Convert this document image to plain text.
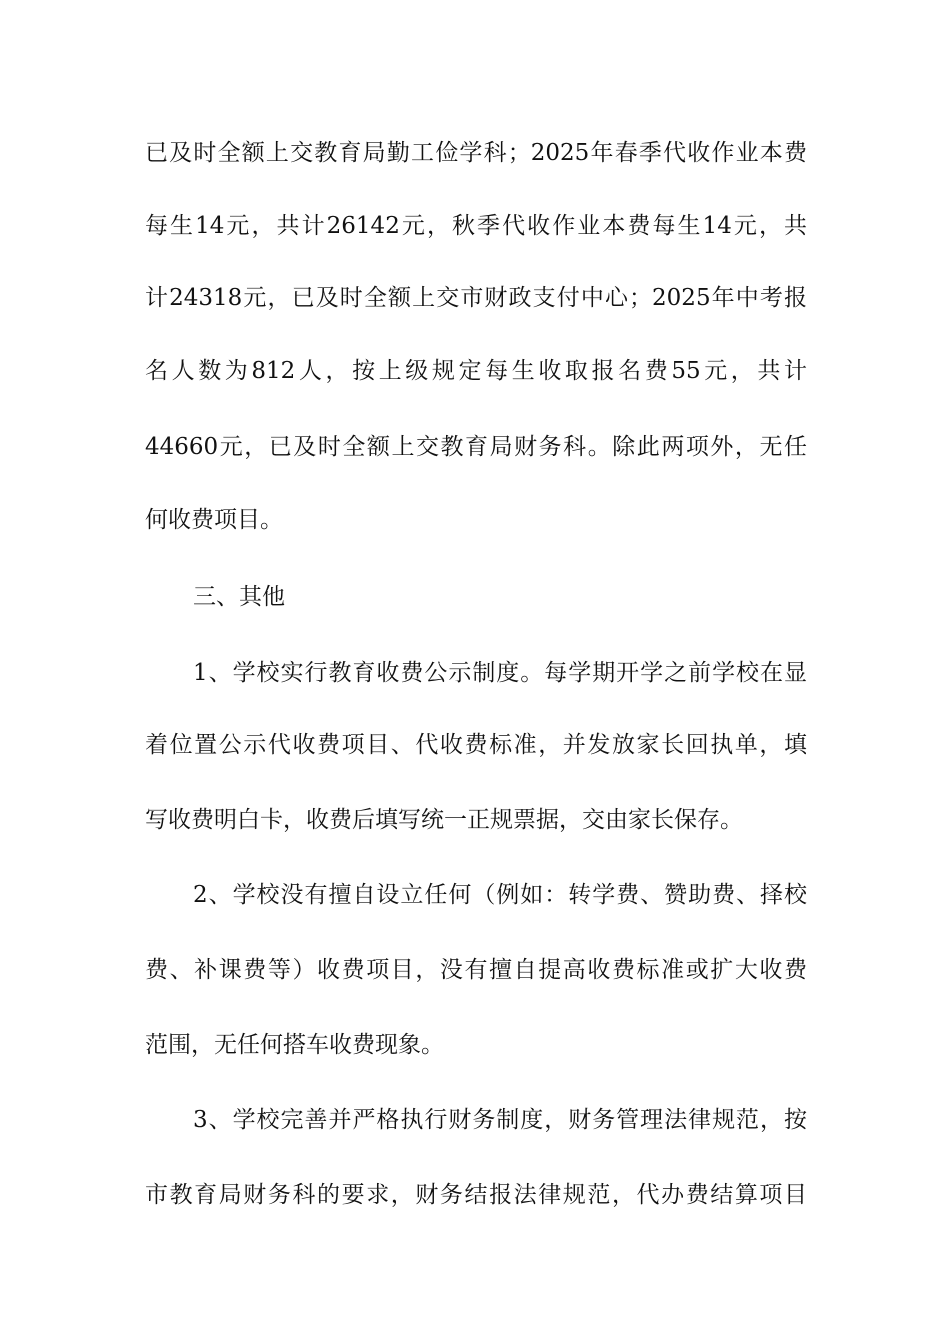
已及时全额上交教育局勤工俭学科；2025年春季代收作业本费
每生14元，共计26142元，秋季代收作业本费每生14元，共
计24318元，已及时全额上交市财政支付中心；2025年中考报
名人数为812人，按上级规定每生收取报名费55元，共计
44660元，已及时全额上交教育局财务科。除此两项外，无任
何收费项目。
三、其他
1、学校实行教育收费公示制度。每学期开学之前学校在显
着位置公示代收费项目、代收费标准，并发放家长回执单，填
写收费明白卡，收费后填写统一正规票据，交由家长保存。
2、学校没有擅自设立任何（例如：转学费、赞助费、择校
费、补课费等）收费项目，没有擅自提高收费标准或扩大收费
范围，无任何搭车收费现象。
3、学校完善并严格执行财务制度，财务管理法律规范，按
市教育局财务科的要求，财务结报法律规范，代办费结算项目
